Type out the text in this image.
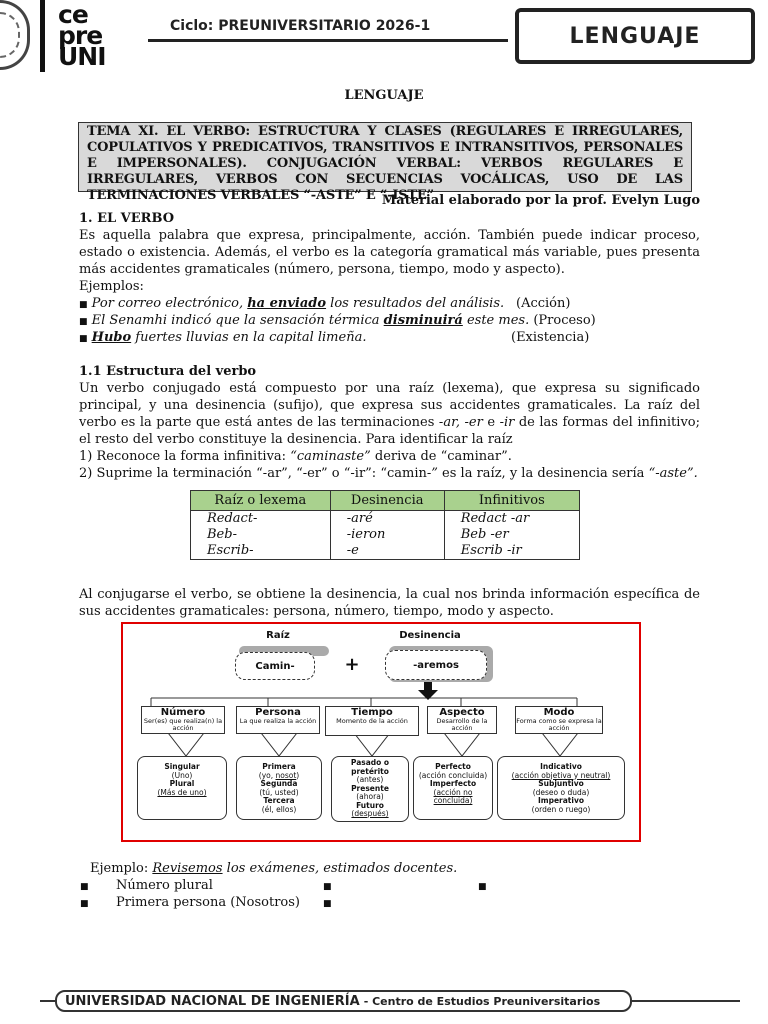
ce
pre
UNI
Ciclo: PREUNIVERSITARIO 2026-1	LENGUAJE
LENGUAJE
TEMA XI. EL VERBO: ESTRUCTURA Y CLASES (REGULARES E IRREGULARES, COPULATIVOS Y PREDICATIVOS, TRANSITIVOS E INTRANSITIVOS, PERSONALES E IMPERSONALES). CONJUGACIÓN VERBAL: VERBOS REGULARES E IRREGULARES, VERBOS CON SECUENCIAS VOCÁLICAS, USO DE LAS TERMINACIONES VERBALES “-ASTE” E “-ISTE”
Material elaborado por la prof. Evelyn Lugo
1. EL VERBO
Es aquella palabra que expresa, principalmente, acción. También puede indicar proceso, estado o existencia. Además, el verbo es la categoría gramatical más variable, pues presenta más accidentes gramaticales (número, persona, tiempo, modo y aspecto).
Ejemplos:
■ Por correo electrónico, ha enviado los resultados del análisis. (Acción)
■ El Senamhi indicó que la sensación térmica disminuirá este mes. (Proceso)
■ Hubo fuertes lluvias en la capital limeña.	(Existencia)
1.1 Estructura del verbo
Un verbo conjugado está compuesto por una raíz (lexema), que expresa su significado principal, y una desinencia (sufijo), que expresa sus accidentes gramaticales. La raíz del verbo es la parte que está antes de las terminaciones -ar, -er e -ir de las formas del infinitivo; el resto del verbo constituye la desinencia. Para identificar la raíz
1) Reconoce la forma infinitiva: “caminaste” deriva de “caminar”.
2) Suprime la terminación “-ar”, “-er” o “-ir”: “camin-” es la raíz, y la desinencia sería “-aste”.
Raíz o lexema	Desinencia	Infinitivos
Redact-	-aré	Redact -ar
Beb-	-ieron	Beb -er
Escrib-	-e	Escrib -ir
Al conjugarse el verbo, se obtiene la desinencia, la cual nos brinda información específica de sus accidentes gramaticales: persona, número, tiempo, modo y aspecto.
Raíz	Desinencia
Camin-	+	-aremos
Número
Ser(es) que realiza(n) la acción
Persona
La que realiza la acción
Tiempo
Momento de la acción
Aspecto
Desarrollo de la acción
Modo
Forma como se expresa la acción
Singular
(Uno)
Plural
(Más de uno)
Primera
(yo, nosot)
Segunda
(tú, usted)
Tercera
(él, ellos)
Pasado o pretérito
(antes)
Presente
(ahora)
Futuro
(después)
Perfecto
(acción concluida)
Imperfecto
(acción no concluida)
Indicativo
(acción objetiva y neutral)
Subjuntivo
(deseo o duda)
Imperativo
(orden o ruego)
Ejemplo: Revisemos los exámenes, estimados docentes.
■ Número plural	■	■
■ Primera persona (Nosotros)	■
UNIVERSIDAD NACIONAL DE INGENIERÍA - Centro de Estudios Preuniversitarios
